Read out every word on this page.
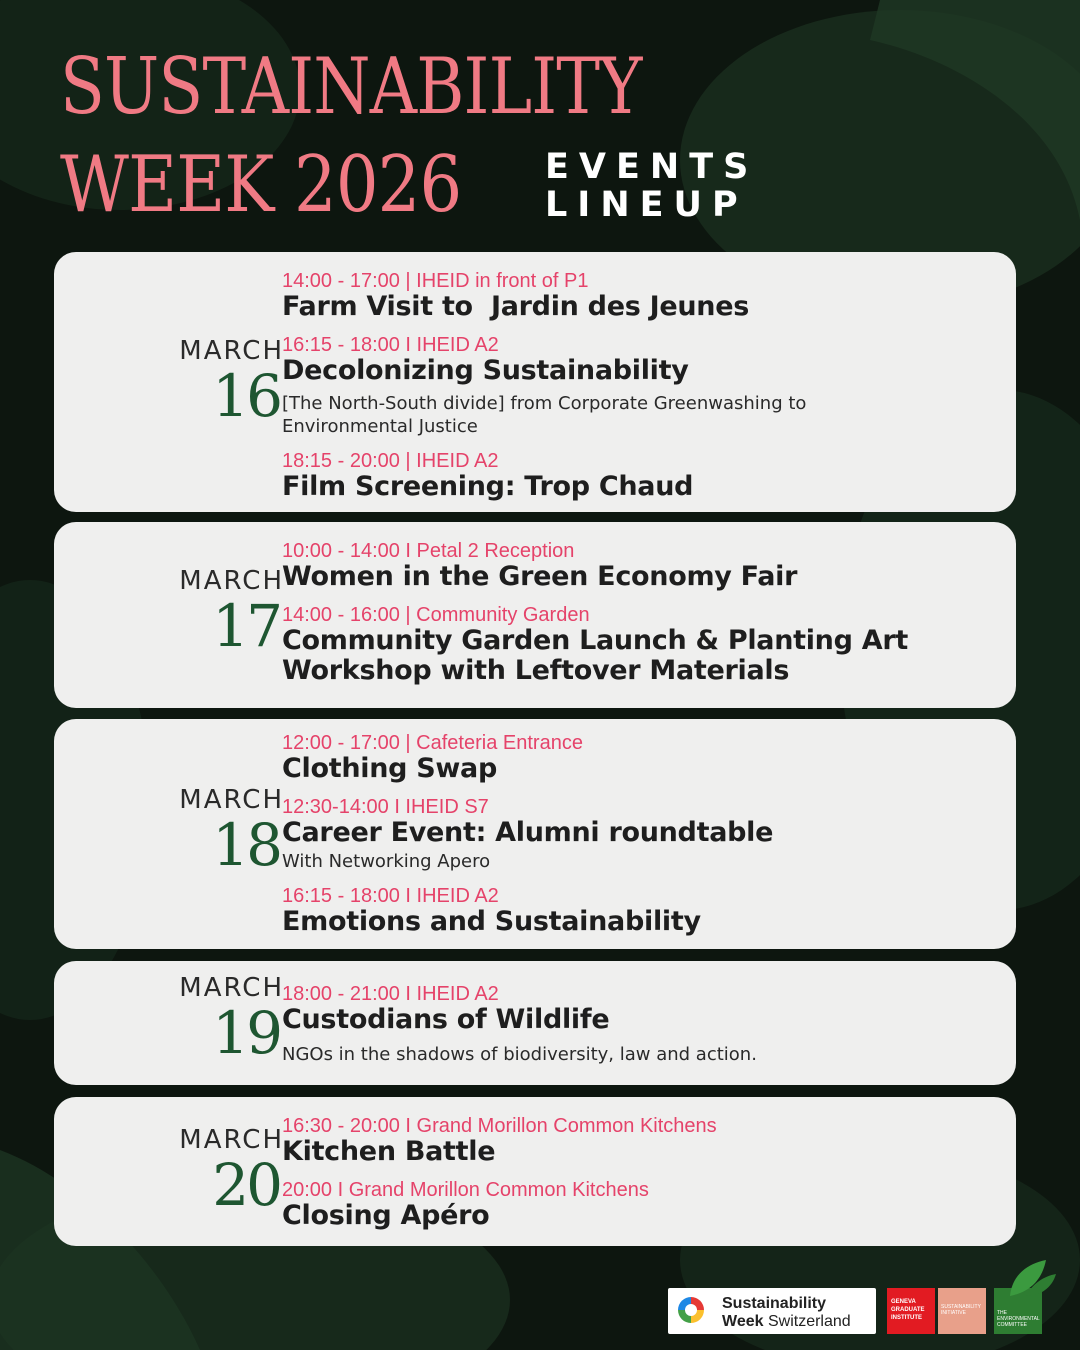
SUSTAINABILITY
WEEK 2026 EVENTS
LINEUP
MARCH
16
14:00 - 17:00 | IHEID in front of P1
Farm Visit to  Jardin des Jeunes
16:15 - 18:00 I IHEID A2
Decolonizing Sustainability
[The North-South divide] from Corporate Greenwashing to Environmental Justice
18:15 - 20:00 | IHEID A2
Film Screening: Trop Chaud
MARCH
17
10:00 - 14:00 I Petal 2 Reception
Women in the Green Economy Fair
14:00 - 16:00 | Community Garden
Community Garden Launch & Planting Art Workshop with Leftover Materials
MARCH
18
12:00 - 17:00 | Cafeteria Entrance
Clothing Swap
12:30-14:00 I IHEID S7
Career Event: Alumni roundtable
With Networking Apero
16:15 - 18:00 I IHEID A2
Emotions and Sustainability
MARCH
19
18:00 - 21:00 I IHEID A2
Custodians of Wildlife
NGOs in the shadows of biodiversity, law and action.
MARCH
20
16:30 - 20:00 I Grand Morillon Common Kitchens
Kitchen Battle
20:00 I Grand Morillon Common Kitchens
Closing Apéro
Sustainability
Week Switzerland
GENEVA GRADUATE INSTITUTE
SUSTAINABILITY INITIATIVE	THE ENVIRONMENTAL COMMITTEE
